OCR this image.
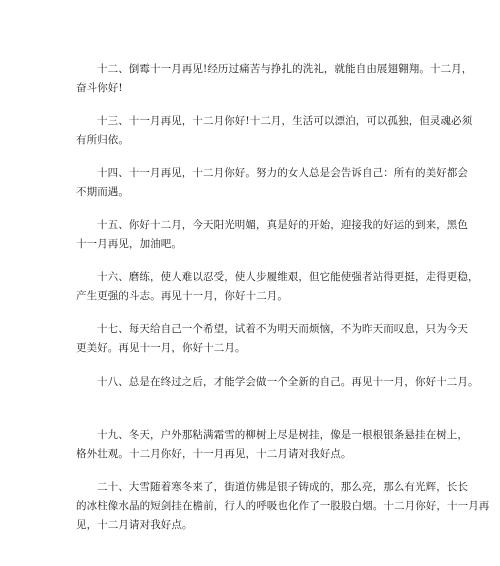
十二、倒霉十一月再见!经历过痛苦与挣扎的洗礼，就能自由展翅翱翔。十二月，
奋斗你好!
十三、十一月再见，十二月你好!十二月，生活可以漂泊，可以孤独，但灵魂必须
有所归依。
十四、十一月再见，十二月你好。努力的女人总是会告诉自己：所有的美好都会
不期而遇。
十五、你好十二月，今天阳光明媚，真是好的开始，迎接我的好运的到来，黑色
十一月再见，加油吧。
十六、磨练，使人难以忍受，使人步履维艰，但它能使强者站得更挺，走得更稳，
产生更强的斗志。再见十一月，你好十二月。
十七、每天给自己一个希望，试着不为明天而烦恼，不为昨天而叹息，只为今天
更美好。再见十一月，你好十二月。
十八、总是在终过之后，才能学会做一个全新的自己。再见十一月，你好十二月。
十九、冬天，户外那粘满霜雪的柳树上尽是树挂，像是一根根银条悬挂在树上，
格外壮观。十二月你好，十一月再见，十二月请对我好点。
二十、大雪随着寒冬来了，街道仿佛是银子铸成的，那么亮，那么有光辉，长长
的冰柱像水晶的短剑挂在檐前，行人的呼吸也化作了一股股白烟。十二月你好，十一月再
见，十二月请对我好点。
